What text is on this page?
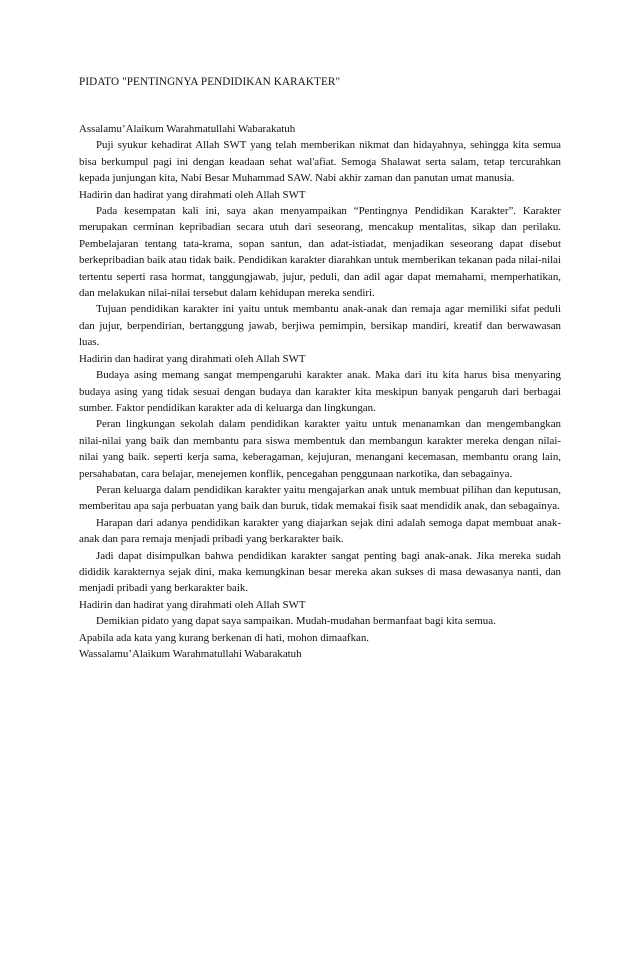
PIDATO "PENTINGNYA PENDIDIKAN KARAKTER"

Assalamu’Alaikum Warahmatullahi Wabarakatuh

Puji syukur kehadirat Allah SWT yang telah memberikan nikmat dan hidayahnya, sehingga kita semua bisa berkumpul pagi ini dengan keadaan sehat wal'afiat. Semoga Shalawat serta salam, tetap tercurahkan kepada junjungan kita, Nabi Besar Muhammad SAW. Nabi akhir zaman dan panutan umat manusia.

Hadirin dan hadirat yang dirahmati oleh Allah SWT

Pada kesempatan kali ini, saya akan menyampaikan “Pentingnya Pendidikan Karakter”. Karakter merupakan cerminan kepribadian secara utuh dari seseorang, mencakup mentalitas, sikap dan perilaku. Pembelajaran tentang tata-krama, sopan santun, dan adat-istiadat, menjadikan seseorang dapat disebut berkepribadian baik atau tidak baik. Pendidikan karakter diarahkan untuk memberikan tekanan pada nilai-nilai tertentu seperti rasa hormat, tanggungjawab, jujur, peduli, dan adil agar dapat memahami, memperhatikan, dan melakukan nilai-nilai tersebut dalam kehidupan mereka sendiri.

Tujuan pendidikan karakter ini yaitu untuk membantu anak-anak dan remaja agar memiliki sifat peduli dan jujur, berpendirian, bertanggung jawab, berjiwa pemimpin, bersikap mandiri, kreatif dan berwawasan luas.

Hadirin dan hadirat yang dirahmati oleh Allah SWT

Budaya asing memang sangat mempengaruhi karakter anak. Maka dari itu kita harus bisa menyaring budaya asing yang tidak sesuai dengan budaya dan karakter kita meskipun banyak pengaruh dari berbagai sumber. Faktor pendidikan karakter ada di keluarga dan lingkungan.

Peran lingkungan sekolah dalam pendidikan karakter yaitu untuk menanamkan dan mengembangkan nilai-nilai yang baik dan membantu para siswa membentuk dan membangun karakter mereka dengan nilai-nilai yang baik. seperti kerja sama, keberagaman, kejujuran, menanganí kecemasan, membantu orang lain, persahabatan, cara belajar, menejemen konflik, pencegahan penggunaan narkotika, dan sebagainya.

Peran keluarga dalam pendidikan karakter yaitu mengajarkan anak untuk membuat pilihan dan keputusan, memberitau apa saja perbuatan yang baik dan buruk, tidak memakai fisik saat mendidik anak, dan sebagainya.

Harapan dari adanya pendidikan karakter yang diajarkan sejak dini adalah semoga dapat membuat anak-anak dan para remaja menjadi pribadi yang berkarakter baik.

Jadi dapat disimpulkan bahwa pendidikan karakter sangat penting bagi anak-anak. Jika mereka sudah dididik karakternya sejak dini, maka kemungkinan besar mereka akan sukses di masa dewasanya nanti, dan menjadi pribadi yang berkarakter baik.

Hadirin dan hadirat yang dirahmati oleh Allah SWT

Demikian pidato yang dapat saya sampaikan. Mudah-mudahan bermanfaat bagi kita semua.

Apabila ada kata yang kurang berkenan di hati, mohon dimaafkan.

Wassalamu’Alaikum Warahmatullahi Wabarakatuh
